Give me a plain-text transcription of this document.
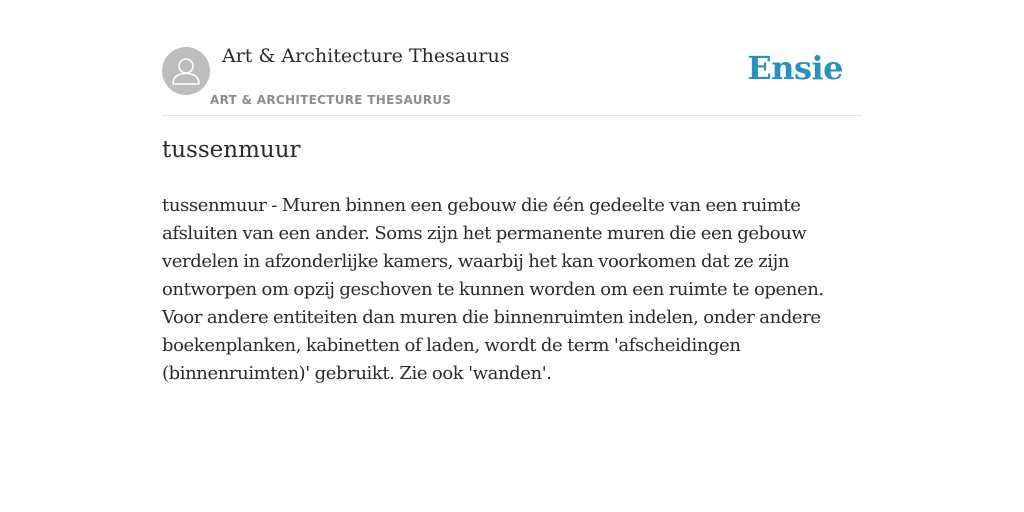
Art & Architecture Thesaurus
ART & ARCHITECTURE THESAURUS
Ensie
tussenmuur

tussenmuur - Muren binnen een gebouw die één gedeelte van een ruimte afsluiten van een ander. Soms zijn het permanente muren die een gebouw verdelen in afzonderlijke kamers, waarbij het kan voorkomen dat ze zijn ontworpen om opzij geschoven te kunnen worden om een ruimte te openen. Voor andere entiteiten dan muren die binnenruimten indelen, onder andere boekenplanken, kabinetten of laden, wordt de term 'afscheidingen (binnenruimten)' gebruikt. Zie ook 'wanden'.
